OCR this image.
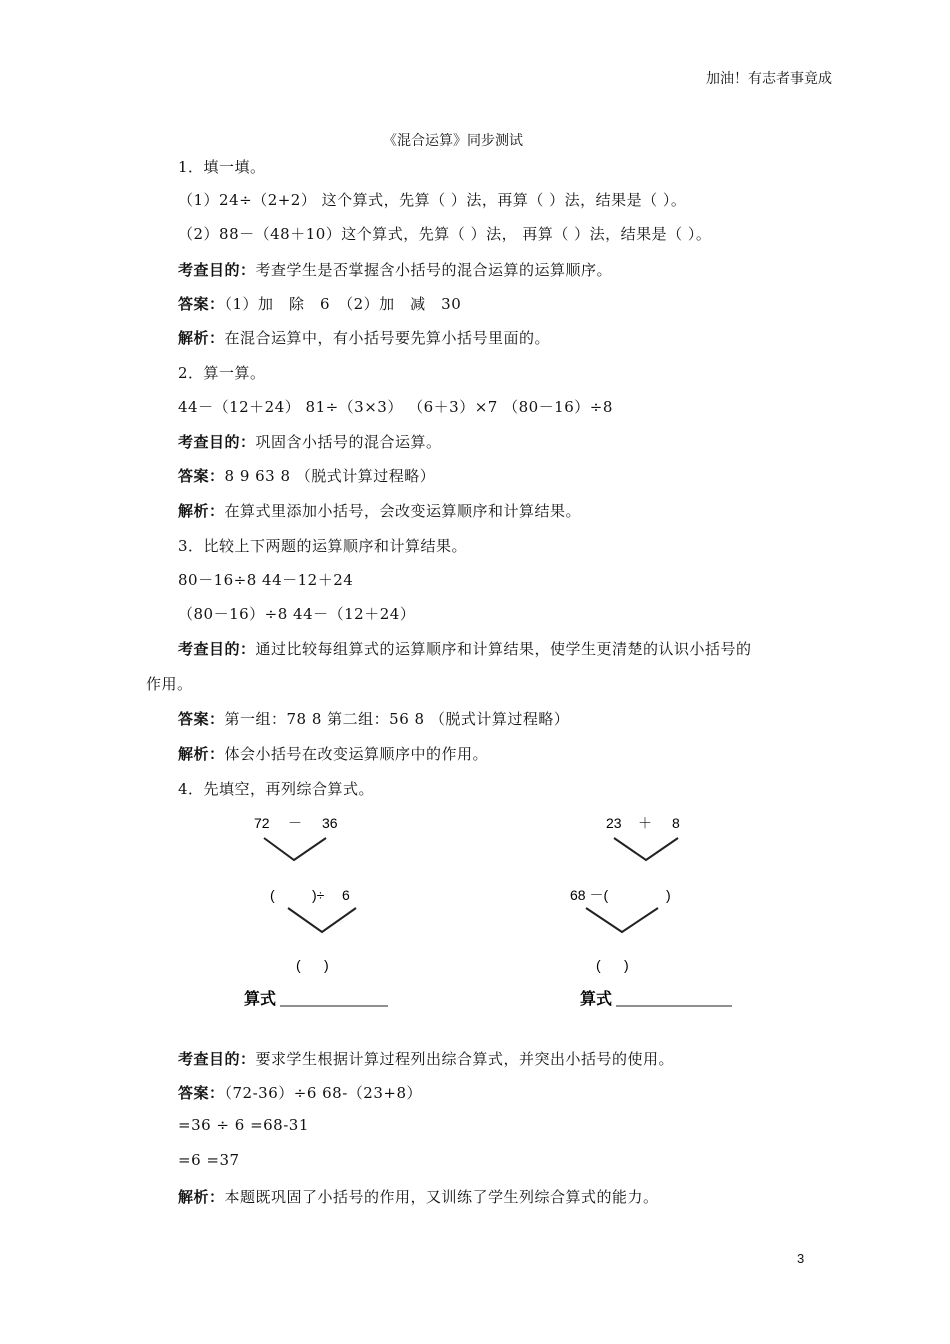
加油！有志者事竟成
《混合运算》同步测试
1．填一填。
（1）24÷（2+2） 这个算式，先算（ ）法，再算（ ）法，结果是（ ）。
（2）88－（48＋10）这个算式，先算（ ）法， 再算（ ）法，结果是（ ）。
考查目的：考查学生是否掌握含小括号的混合运算的运算顺序。
答案：（1）加　除　6　（2）加　减　30
解析：在混合运算中，有小括号要先算小括号里面的。
2．算一算。
44－（12＋24） 81÷（3×3） （6＋3）×7 （80－16）÷8
考查目的：巩固含小括号的混合运算。
答案：8 9 63 8 （脱式计算过程略）
解析：在算式里添加小括号，会改变运算顺序和计算结果。
3．比较上下两题的运算顺序和计算结果。
80－16÷8 44－12＋24
（80－16）÷8 44－（12＋24）
考查目的：通过比较每组算式的运算顺序和计算结果，使学生更清楚的认识小括号的
作用。
答案：第一组：78 8 第二组：56 8 （脱式计算过程略）
解析：体会小括号在改变运算顺序中的作用。
4．先填空，再列综合算式。
72 － 36
(	)÷ 6
(      )
算式
23 ＋ 8
68 －(	)
(      )
算式
考查目的：要求学生根据计算过程列出综合算式，并突出小括号的使用。
答案：（72-36）÷6 68-（23+8）
=36 ÷ 6 =68-31
=6 =37
解析：本题既巩固了小括号的作用，又训练了学生列综合算式的能力。
3
